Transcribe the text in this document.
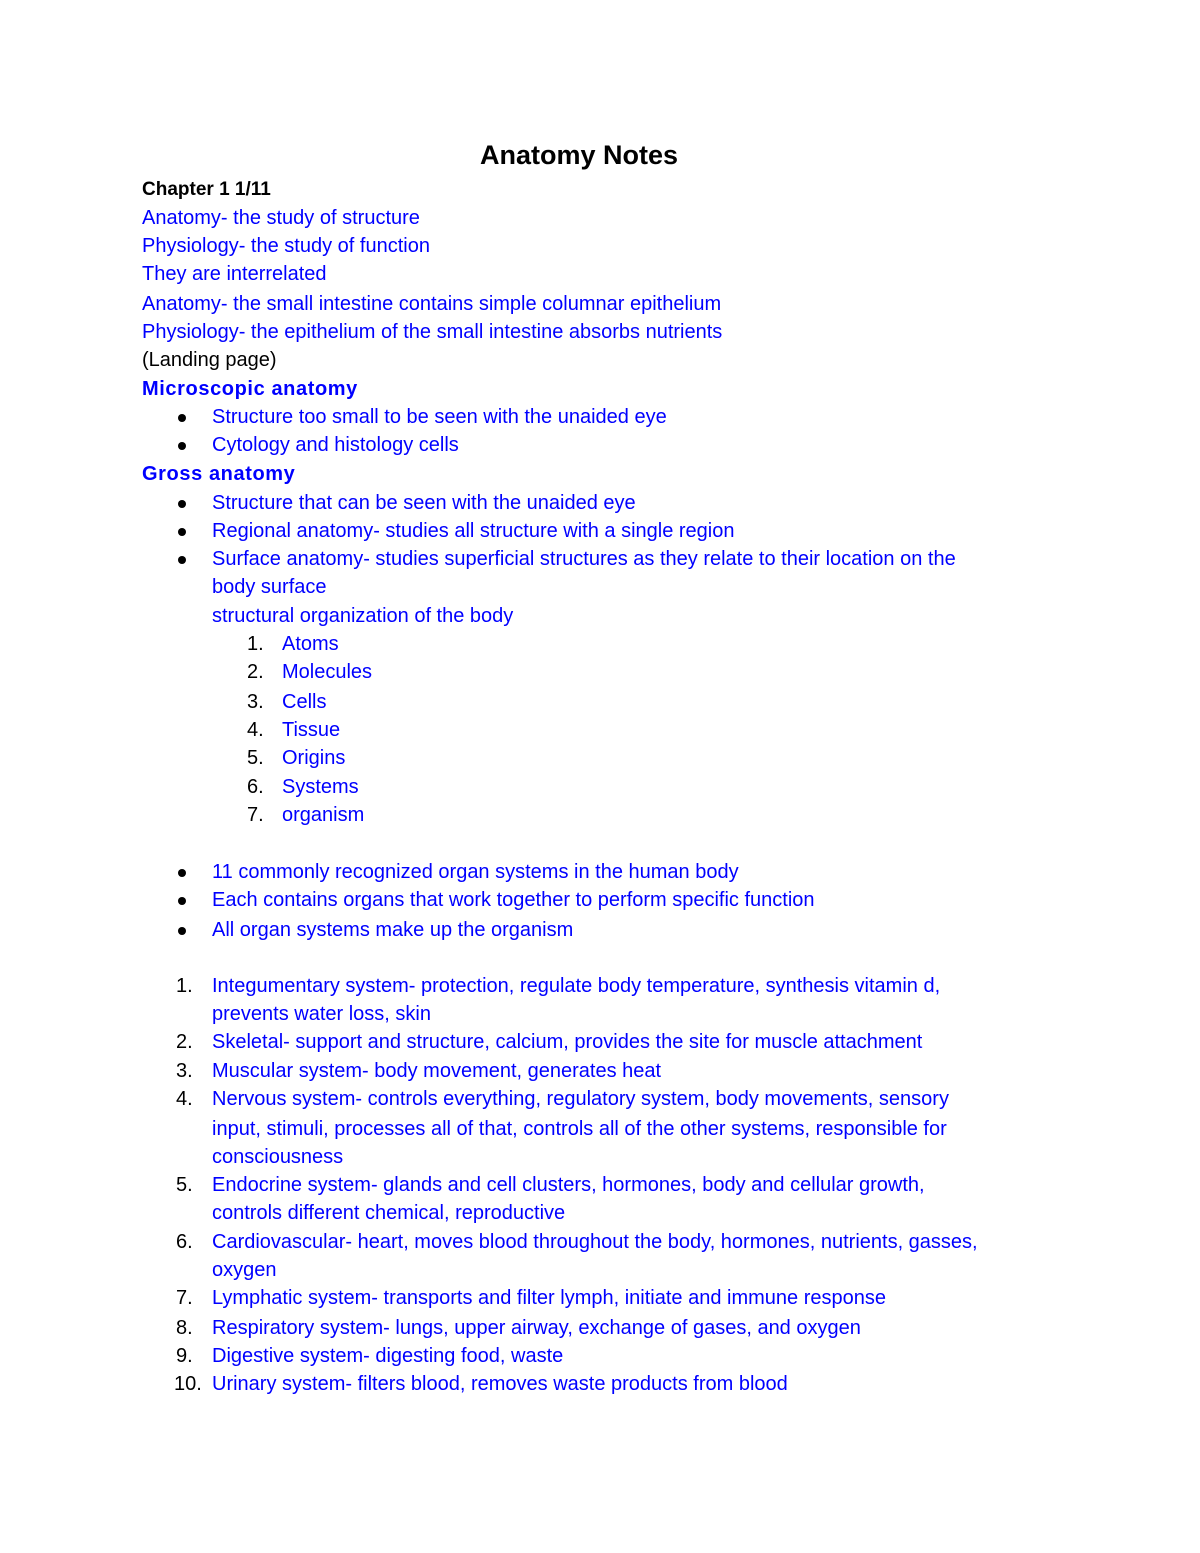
Anatomy Notes
Chapter 1 1/11
Anatomy- the study of structure
Physiology- the study of function
They are interrelated
Anatomy- the small intestine contains simple columnar epithelium
Physiology- the epithelium of the small intestine absorbs nutrients
(Landing page)
Microscopic anatomy
Structure too small to be seen with the unaided eye
Cytology and histology cells
Gross anatomy
Structure that can be seen with the unaided eye
Regional anatomy- studies all structure with a single region
Surface anatomy- studies superficial structures as they relate to their location on the
body surface
structural organization of the body
1. Atoms
2. Molecules
3. Cells
4. Tissue
5. Origins
6. Systems
7. organism
11 commonly recognized organ systems in the human body
Each contains organs that work together to perform specific function
All organ systems make up the organism
1. Integumentary system- protection, regulate body temperature, synthesis vitamin d,
prevents water loss, skin
2. Skeletal- support and structure, calcium, provides the site for muscle attachment
3. Muscular system- body movement, generates heat
4. Nervous system- controls everything, regulatory system, body movements, sensory
input, stimuli, processes all of that, controls all of the other systems, responsible for
consciousness
5. Endocrine system- glands and cell clusters, hormones, body and cellular growth,
controls different chemical, reproductive
6. Cardiovascular- heart, moves blood throughout the body, hormones, nutrients, gasses,
oxygen
7. Lymphatic system- transports and filter lymph, initiate and immune response
8. Respiratory system- lungs, upper airway, exchange of gases, and oxygen
9. Digestive system- digesting food, waste
10. Urinary system- filters blood, removes waste products from blood
